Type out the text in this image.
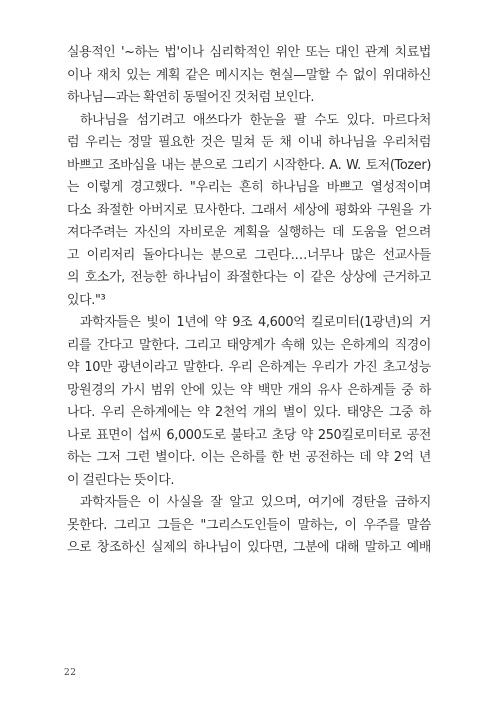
실용적인 '~하는 법'이나 심리학적인 위안 또는 대인 관계 치료법
이나 재치 있는 계획 같은 메시지는 현실—말할 수 없이 위대하신
하나님—과는 확연히 동떨어진 것처럼 보인다.

하나님을 섬기려고 애쓰다가 한눈을 팔 수도 있다. 마르다처
럼 우리는 정말 필요한 것은 밀쳐 둔 채 이내 하나님을 우리처럼
바쁘고 조바심을 내는 분으로 그리기 시작한다. A. W. 토저(Tozer)
는 이렇게 경고했다. "우리는 흔히 하나님을 바쁘고 열성적이며
다소 좌절한 아버지로 묘사한다. 그래서 세상에 평화와 구원을 가
져다주려는 자신의 자비로운 계획을 실행하는 데 도움을 얻으려
고 이리저리 돌아다니는 분으로 그린다.…너무나 많은 선교사들
의 호소가, 전능한 하나님이 좌절한다는 이 같은 상상에 근거하고
있다."³

과학자들은 빛이 1년에 약 9조 4,600억 킬로미터(1광년)의 거
리를 간다고 말한다. 그리고 태양계가 속해 있는 은하계의 직경이
약 10만 광년이라고 말한다. 우리 은하계는 우리가 가진 초고성능
망원경의 가시 범위 안에 있는 약 백만 개의 유사 은하계들 중 하
나다. 우리 은하계에는 약 2천억 개의 별이 있다. 태양은 그중 하
나로 표면이 섭씨 6,000도로 불타고 초당 약 250킬로미터로 공전
하는 그저 그런 별이다. 이는 은하를 한 번 공전하는 데 약 2억 년
이 걸린다는 뜻이다.

과학자들은 이 사실을 잘 알고 있으며, 여기에 경탄을 금하지
못한다. 그리고 그들은 "그리스도인들이 말하는, 이 우주를 말씀
으로 창조하신 실제의 하나님이 있다면, 그분에 대해 말하고 예배

22
